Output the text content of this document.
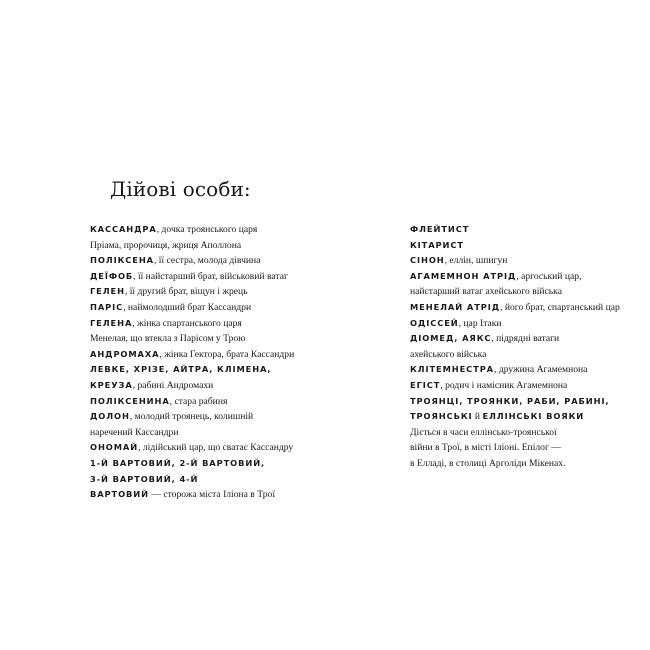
Дійові особи:
КАССАНДРА, дочка троянського царя
Пріама, пророчиця, жриця Аполлона
ПОЛІКСЕНА, її сестра, молода дівчина
ДЕЇФОБ, її найстарший брат, військовий ватаг
ГЕЛЕН, її другий брат, віщун і жрець
ПАРІС, наймолодший брат Кассандри
ГЕЛЕНА, жінка спартанського царя
Менелая, що втекла з Парісом у Трою
АНДРОМАХА, жінка Гектора, брата Кассандри
ЛЕВКЕ, ХРІЗЕ, АЙТРА, КЛІМЕНА,
КРЕУЗА, рабині Андромахи
ПОЛІКСЕНИНА, стара рабиня
ДОЛОН, молодий троянець, колишній
наречений Кассандри
ОНОМАЙ, лідійський цар, що сватає Кассандру
1-Й ВАРТОВИЙ, 2-Й ВАРТОВИЙ,
3-Й ВАРТОВИЙ, 4-Й
ВАРТОВИЙ — сторожа міста Іліона в Трої
ФЛЕЙТИСТ
КІТАРИСТ
СІНОН, еллін, шпигун
АГАМЕМНОН АТРІД, аргоський цар,
найстарший ватаг ахейського війська
МЕНЕЛАЙ АТРІД, його брат, спартанський цар
ОДІССЕЙ, цар Ітаки
ДІОМЕД, АЯКС, підрядні ватаги
ахейського війська
КЛІТЕМНЕСТРА, дружина Агамемнона
ЕГІСТ, родич і намісник Агамемнона
ТРОЯНЦІ, ТРОЯНКИ, РАБИ, РАБИНІ,
ТРОЯНСЬКІ й ЕЛЛІНСЬКІ ВОЯКИ
Діється в часи еллінсько-троянської
війни в Трої, в місті Іліоні. Епілог —
в Елладі, в столиці Арголіди Мікенах.
